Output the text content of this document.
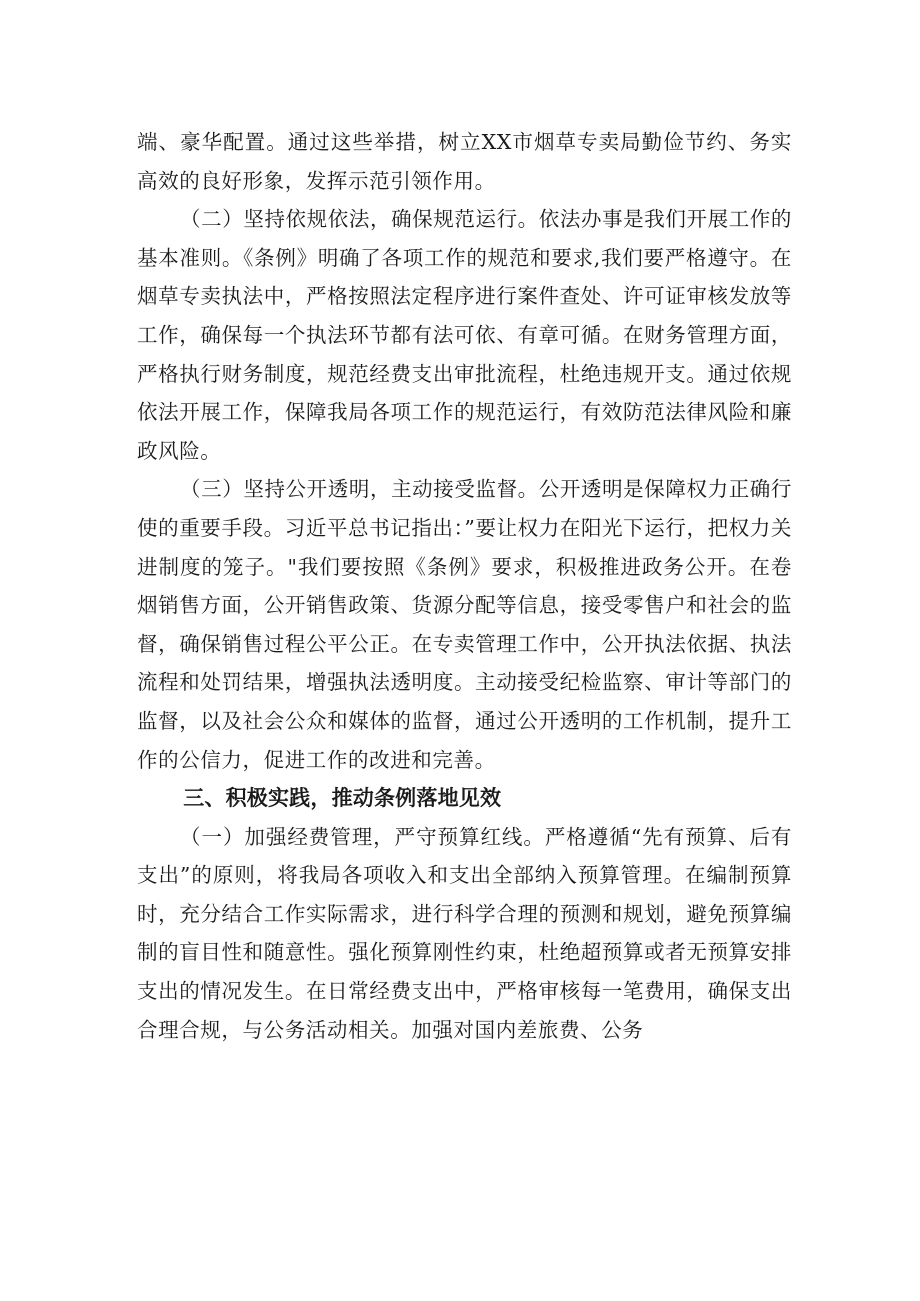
端、豪华配置。通过这些举措，树立XX市烟草专卖局勤俭节约、务实高效的良好形象，发挥示范引领作用。

（二）坚持依规依法，确保规范运行。依法办事是我们开展工作的基本准则。《条例》明确了各项工作的规范和要求,我们要严格遵守。在烟草专卖执法中，严格按照法定程序进行案件查处、许可证审核发放等工作，确保每一个执法环节都有法可依、有章可循。在财务管理方面，严格执行财务制度，规范经费支出审批流程，杜绝违规开支。通过依规依法开展工作，保障我局各项工作的规范运行，有效防范法律风险和廉政风险。

（三）坚持公开透明，主动接受监督。公开透明是保障权力正确行使的重要手段。习近平总书记指出：”要让权力在阳光下运行，把权力关进制度的笼子。"我们要按照《条例》要求，积极推进政务公开。在卷烟销售方面，公开销售政策、货源分配等信息，接受零售户和社会的监督，确保销售过程公平公正。在专卖管理工作中，公开执法依据、执法流程和处罚结果，增强执法透明度。主动接受纪检监察、审计等部门的监督，以及社会公众和媒体的监督，通过公开透明的工作机制，提升工作的公信力，促进工作的改进和完善。

三、积极实践，推动条例落地见效

（一）加强经费管理，严守预算红线。严格遵循“先有预算、后有支出”的原则，将我局各项收入和支出全部纳入预算管理。在编制预算时，充分结合工作实际需求，进行科学合理的预测和规划，避免预算编制的盲目性和随意性。强化预算刚性约束，杜绝超预算或者无预算安排支出的情况发生。在日常经费支出中，严格审核每一笔费用，确保支出合理合规，与公务活动相关。加强对国内差旅费、公务
